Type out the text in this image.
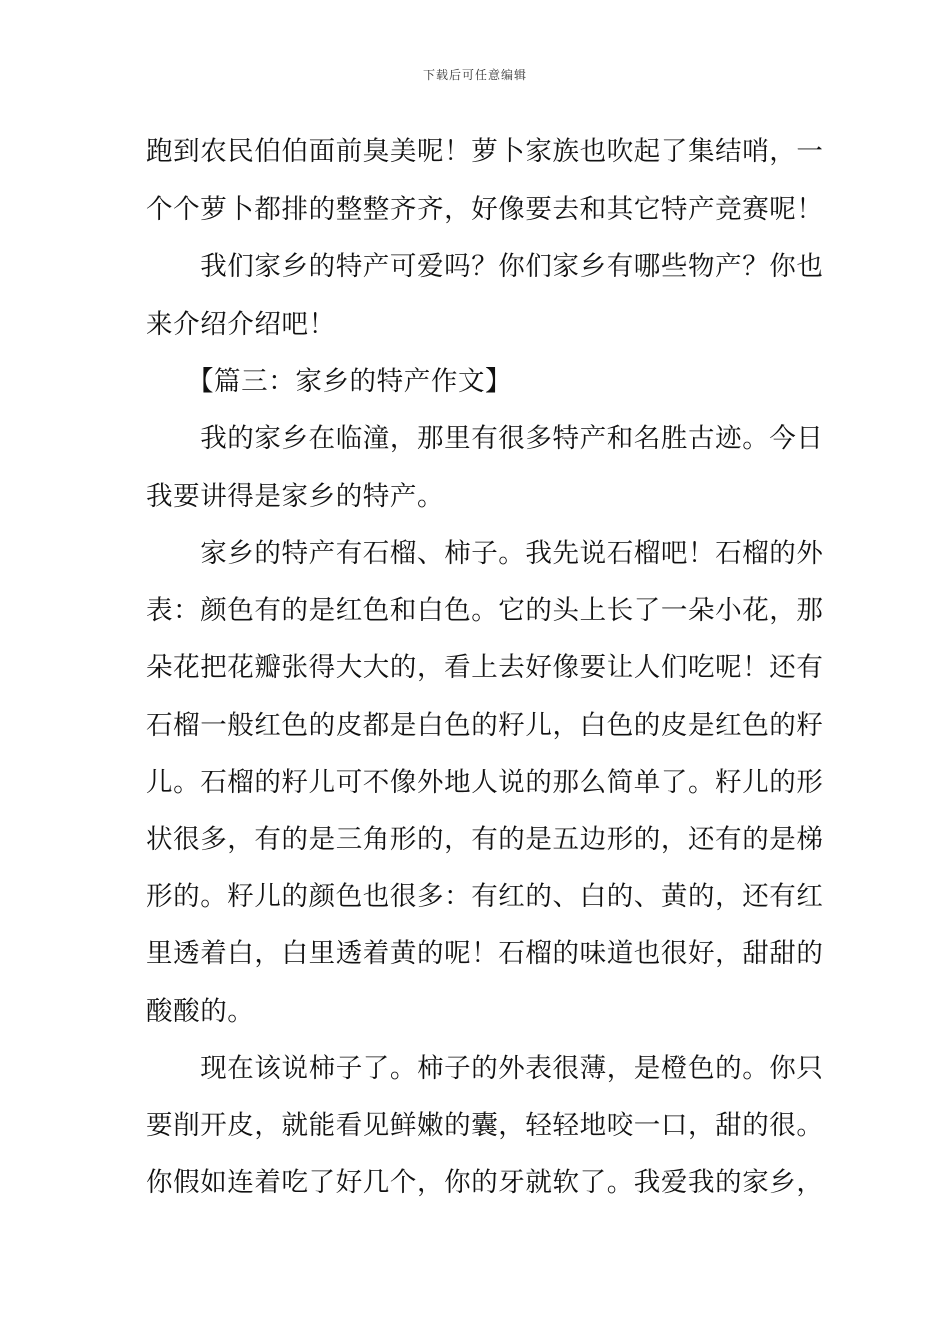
下载后可任意编辑
跑到农民伯伯面前臭美呢！萝卜家族也吹起了集结哨，一
个个萝卜都排的整整齐齐，好像要去和其它特产竞赛呢！
　　我们家乡的特产可爱吗？你们家乡有哪些物产？你也
来介绍介绍吧！
　　【篇三：家乡的特产作文】
　　我的家乡在临潼，那里有很多特产和名胜古迹。今日
我要讲得是家乡的特产。
　　家乡的特产有石榴、柿子。我先说石榴吧！石榴的外
表：颜色有的是红色和白色。它的头上长了一朵小花，那
朵花把花瓣张得大大的，看上去好像要让人们吃呢！还有
石榴一般红色的皮都是白色的籽儿，白色的皮是红色的籽
儿。石榴的籽儿可不像外地人说的那么简单了。籽儿的形
状很多，有的是三角形的，有的是五边形的，还有的是梯
形的。籽儿的颜色也很多：有红的、白的、黄的，还有红
里透着白，白里透着黄的呢！石榴的味道也很好，甜甜的
酸酸的。
　　现在该说柿子了。柿子的外表很薄，是橙色的。你只
要削开皮，就能看见鲜嫩的囊，轻轻地咬一口，甜的很。
你假如连着吃了好几个，你的牙就软了。我爱我的家乡，
